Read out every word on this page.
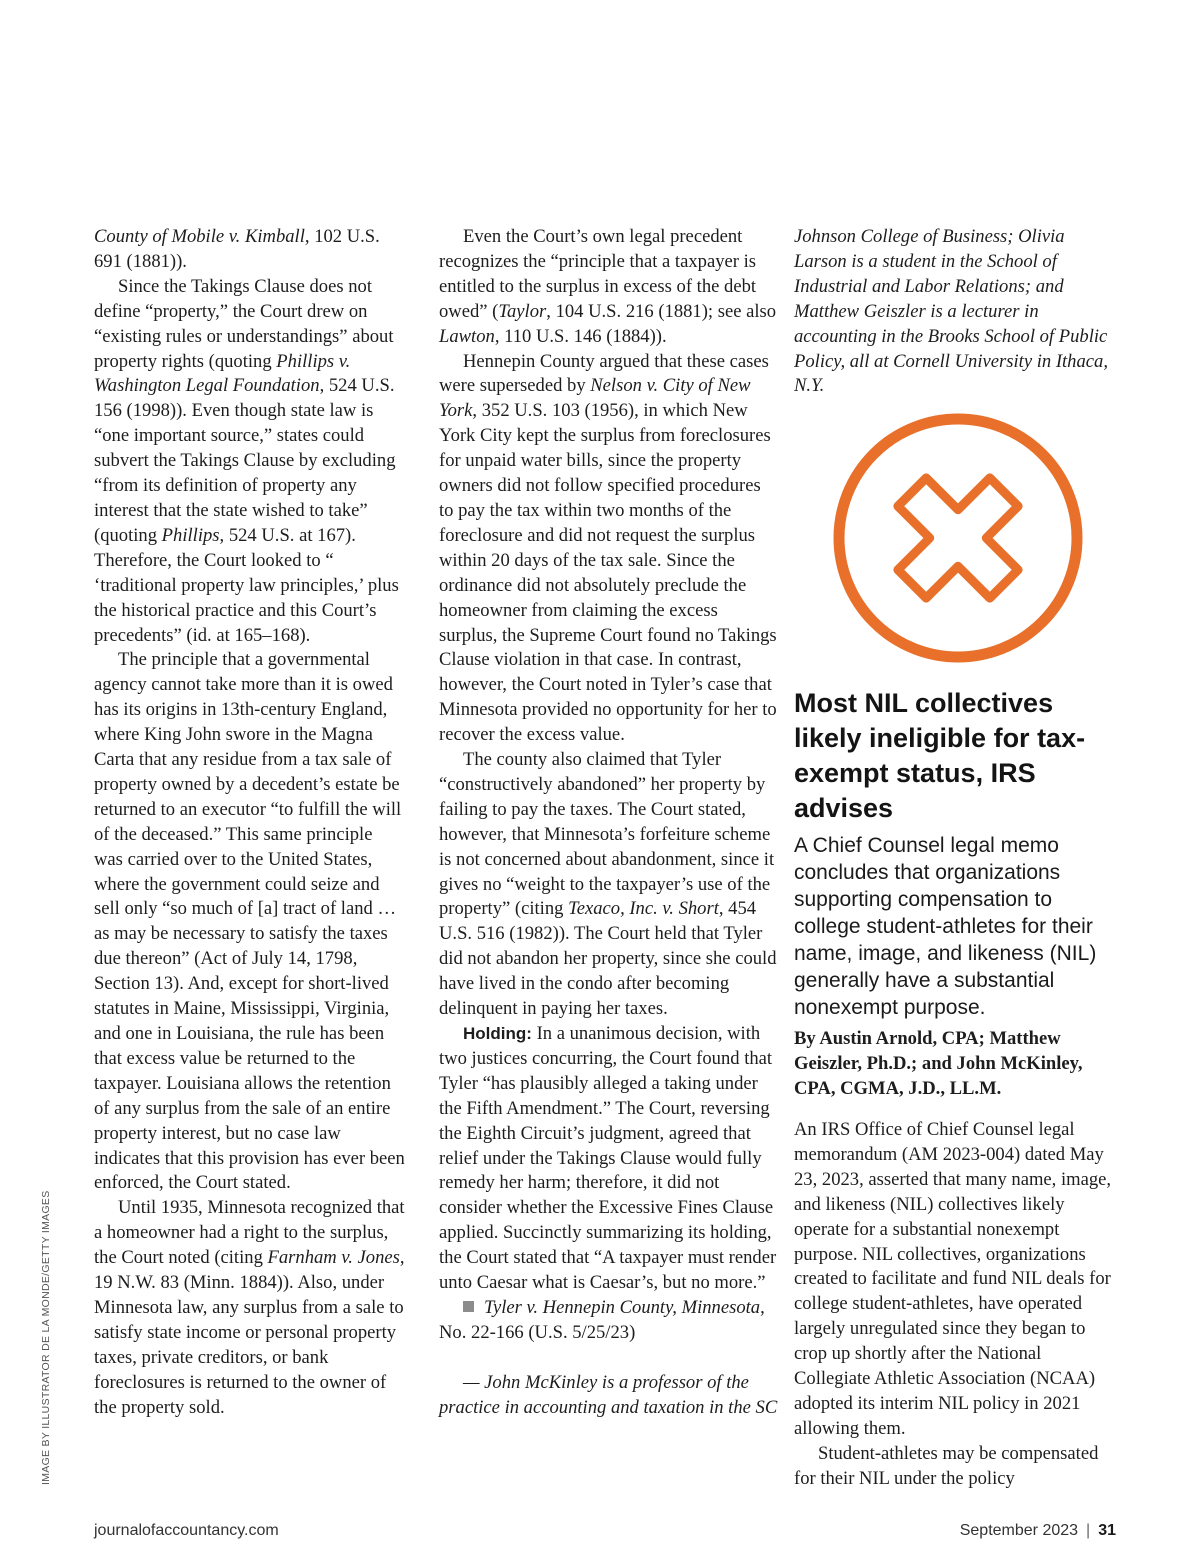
County of Mobile v. Kimball, 102 U.S. 691 (1881)).

Since the Takings Clause does not define “property,” the Court drew on “existing rules or understandings” about property rights (quoting Phillips v. Washington Legal Foundation, 524 U.S. 156 (1998)). Even though state law is “one important source,” states could subvert the Takings Clause by excluding “from its definition of property any interest that the state wished to take” (quoting Phillips, 524 U.S. at 167). Therefore, the Court looked to “ ‘traditional property law principles,’ plus the historical practice and this Court’s precedents” (id. at 165–168).

The principle that a governmental agency cannot take more than it is owed has its origins in 13th-century England, where King John swore in the Magna Carta that any residue from a tax sale of property owned by a decedent’s estate be returned to an executor “to fulfill the will of the deceased.” This same principle was carried over to the United States, where the government could seize and sell only “so much of [a] tract of land … as may be necessary to satisfy the taxes due thereon” (Act of July 14, 1798, Section 13). And, except for short-lived statutes in Maine, Mississippi, Virginia, and one in Louisiana, the rule has been that excess value be returned to the taxpayer. Louisiana allows the retention of any surplus from the sale of an entire property interest, but no case law indicates that this provision has ever been enforced, the Court stated.

Until 1935, Minnesota recognized that a homeowner had a right to the surplus, the Court noted (citing Farnham v. Jones, 19 N.W. 83 (Minn. 1884)). Also, under Minnesota law, any surplus from a sale to satisfy state income or personal property taxes, private creditors, or bank foreclosures is returned to the owner of the property sold.

Even the Court’s own legal precedent recognizes the “principle that a taxpayer is entitled to the surplus in excess of the debt owed” (Taylor, 104 U.S. 216 (1881); see also Lawton, 110 U.S. 146 (1884)).

Hennepin County argued that these cases were superseded by Nelson v. City of New York, 352 U.S. 103 (1956), in which New York City kept the surplus from foreclosures for unpaid water bills, since the property owners did not follow specified procedures to pay the tax within two months of the foreclosure and did not request the surplus within 20 days of the tax sale. Since the ordinance did not absolutely preclude the homeowner from claiming the excess surplus, the Supreme Court found no Takings Clause violation in that case. In contrast, however, the Court noted in Tyler’s case that Minnesota provided no opportunity for her to recover the excess value.

The county also claimed that Tyler “constructively abandoned” her property by failing to pay the taxes. The Court stated, however, that Minnesota’s forfeiture scheme is not concerned about abandonment, since it gives no “weight to the taxpayer’s use of the property” (citing Texaco, Inc. v. Short, 454 U.S. 516 (1982)). The Court held that Tyler did not abandon her property, since she could have lived in the condo after becoming delinquent in paying her taxes.

Holding: In a unanimous decision, with two justices concurring, the Court found that Tyler “has plausibly alleged a taking under the Fifth Amendment.” The Court, reversing the Eighth Circuit’s judgment, agreed that relief under the Takings Clause would fully remedy her harm; therefore, it did not consider whether the Excessive Fines Clause applied. Succinctly summarizing its holding, the Court stated that “A taxpayer must render unto Caesar what is Caesar’s, but no more.”

Tyler v. Hennepin County, Minnesota, No. 22-166 (U.S. 5/25/23)

— John McKinley is a professor of the practice in accounting and taxation in the SC

Johnson College of Business; Olivia Larson is a student in the School of Industrial and Labor Relations; and Matthew Geiszler is a lecturer in accounting in the Brooks School of Public Policy, all at Cornell University in Ithaca, N.Y.

Most NIL collectives likely ineligible for tax-exempt status, IRS advises

A Chief Counsel legal memo concludes that organizations supporting compensation to college student-athletes for their name, image, and likeness (NIL) generally have a substantial nonexempt purpose.

By Austin Arnold, CPA; Matthew Geiszler, Ph.D.; and John McKinley, CPA, CGMA, J.D., LL.M.

An IRS Office of Chief Counsel legal memorandum (AM 2023-004) dated May 23, 2023, asserted that many name, image, and likeness (NIL) collectives likely operate for a substantial nonexempt purpose. NIL collectives, organizations created to facilitate and fund NIL deals for college student-athletes, have operated largely unregulated since they began to crop up shortly after the National Collegiate Athletic Association (NCAA) adopted its interim NIL policy in 2021 allowing them.

Student-athletes may be compensated for their NIL under the policy

IMAGE BY ILLUSTRATOR DE LA MONDE/GETTY IMAGES
journalofaccountancy.com	September 2023 | 31
